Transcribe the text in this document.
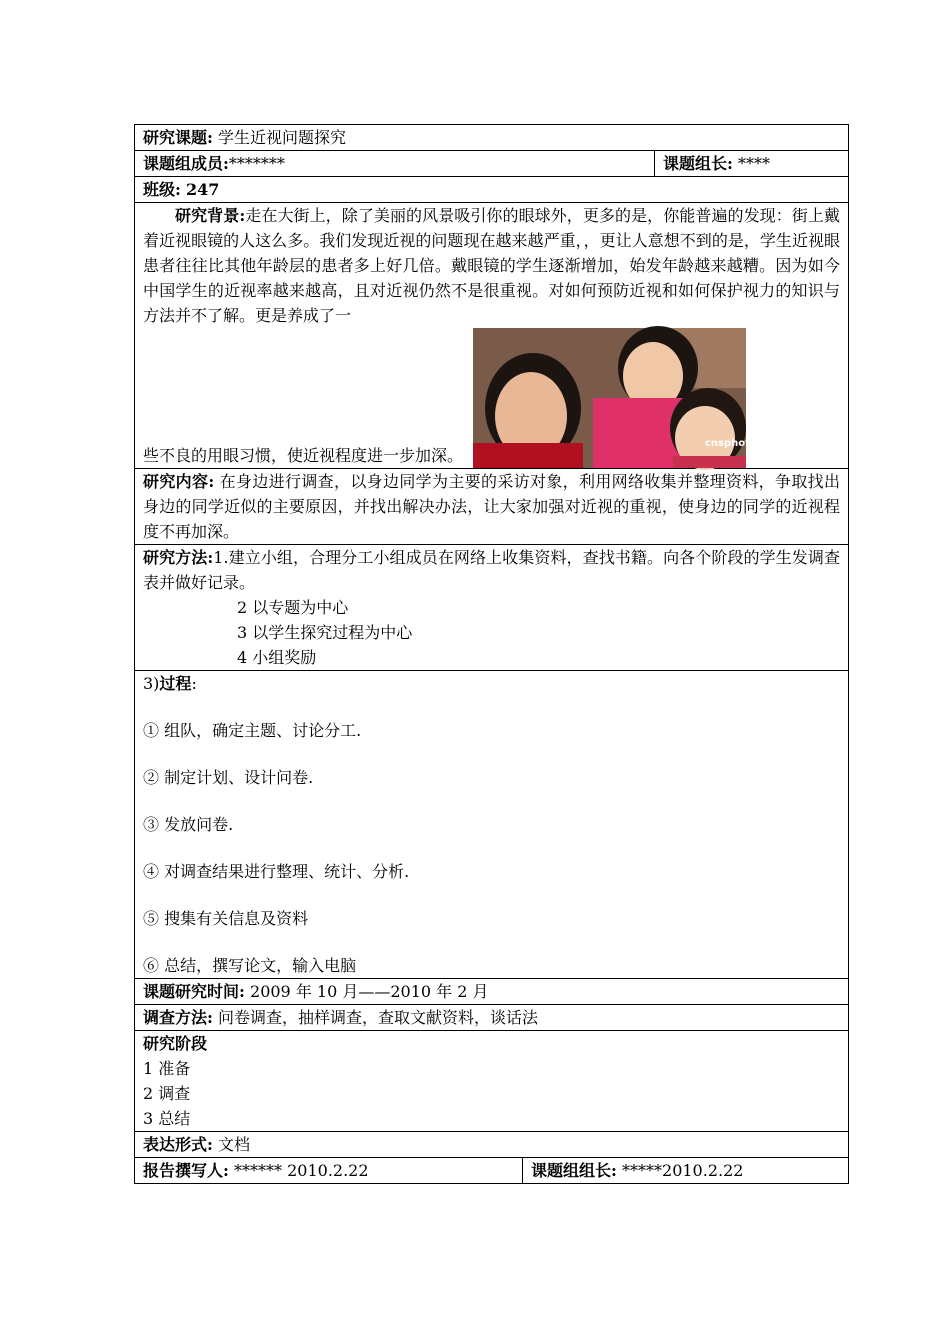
研究课题: 学生近视问题探究
课题组成员:*******	课题组长: ****
班级: 247
研究背景:走在大街上，除了美丽的风景吸引你的眼球外，更多的是，你能普遍的发现：街上戴着近视眼镜的人这么多。我们发现近视的问题现在越来越严重，，更让人意想不到的是，学生近视眼患者往往比其他年龄层的患者多上好几倍。戴眼镜的学生逐渐增加，始发年龄越来越糟。因为如今中国学生的近视率越来越高，且对近视仍然不是很重视。对如何预防近视和如何保护视力的知识与方法并不了解。更是养成了一
些不良的用眼习惯，使近视程度进一步加深。
cnsphoto
研究内容: 在身边进行调查，以身边同学为主要的采访对象，利用网络收集并整理资料，争取找出身边的同学近似的主要原因，并找出解决办法，让大家加强对近视的重视，使身边的同学的近视程度不再加深。
研究方法:1.建立小组，合理分工小组成员在网络上收集资料，查找书籍。向各个阶段的学生发调查表并做好记录。
2 以专题为中心
3 以学生探究过程为中心
4 小组奖励
3)过程:
① 组队，确定主题、讨论分工.
② 制定计划、设计问卷.
③ 发放问卷.
④ 对调查结果进行整理、统计、分析.
⑤ 搜集有关信息及资料
⑥ 总结，撰写论文，输入电脑
课题研究时间: 2009 年 10 月——2010 年 2 月
调查方法: 问卷调查，抽样调查，查取文献资料，谈话法
研究阶段
1 准备
2 调查
3 总结
表达形式: 文档
报告撰写人: ****** 2010.2.22	课题组组长: *****2010.2.22
